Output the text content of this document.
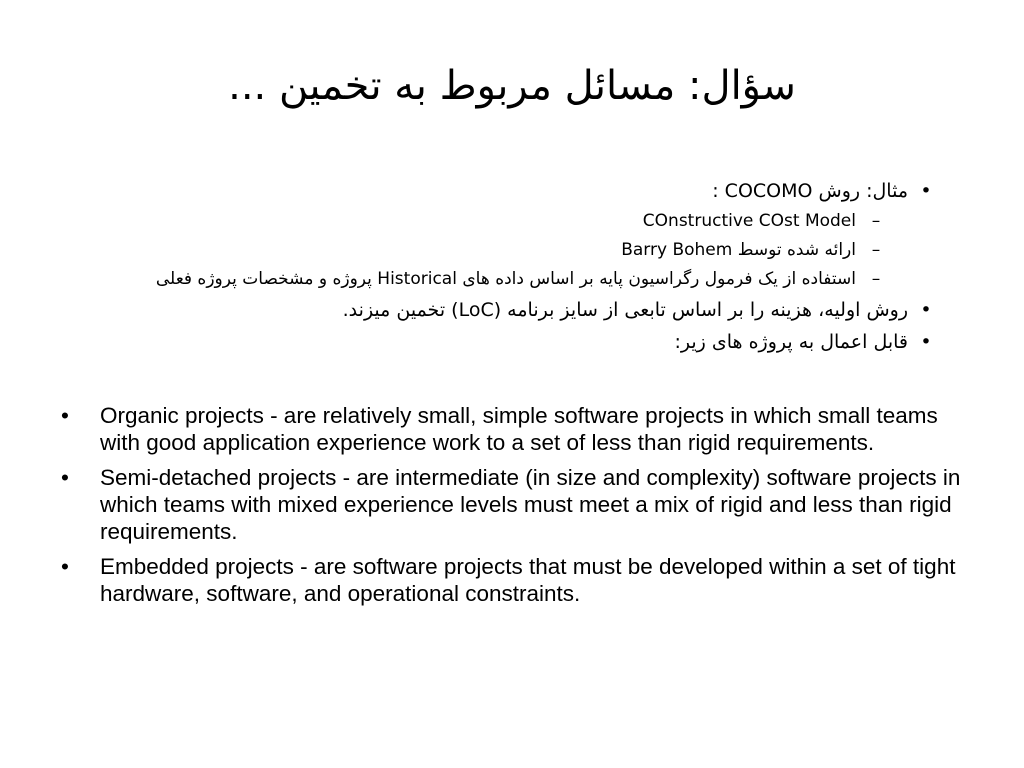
سؤال: مسائل مربوط به تخمین ...
•
مثال: روش COCOMO :
–
COnstructive COst Model
–
ارائه شده توسط Barry Bohem
–
استفاده از یک فرمول رگراسیون پایه بر اساس داده های Historical پروژه و مشخصات پروژه فعلی
•
روش اولیه، هزینه را بر اساس تابعی از سایز برنامه (LoC) تخمین میزند.
•
قابل اعمال به پروژه های زیر:
• Organic projects - are relatively small, simple software projects in which small teams with good application experience work to a set of less than rigid requirements.
• Semi-detached projects - are intermediate (in size and complexity) software projects in which teams with mixed experience levels must meet a mix of rigid and less than rigid requirements.
• Embedded projects - are software projects that must be developed within a set of tight hardware, software, and operational constraints.
